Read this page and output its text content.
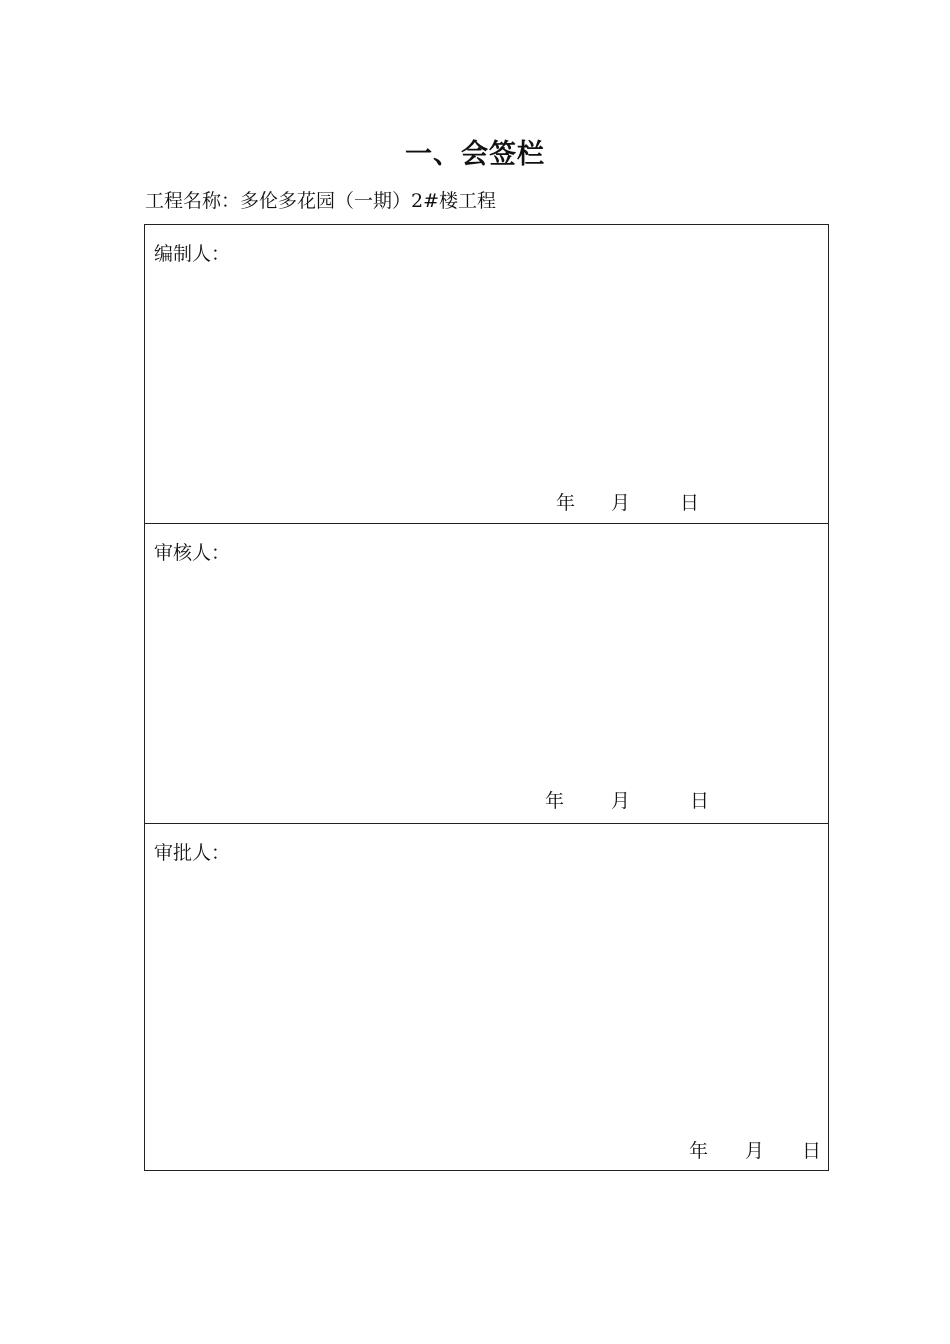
一、会签栏
工程名称：多伦多花园（一期）2#楼工程
编制人：
年 月	日
审核人：
年 月	日
审批人：
年 月 日
